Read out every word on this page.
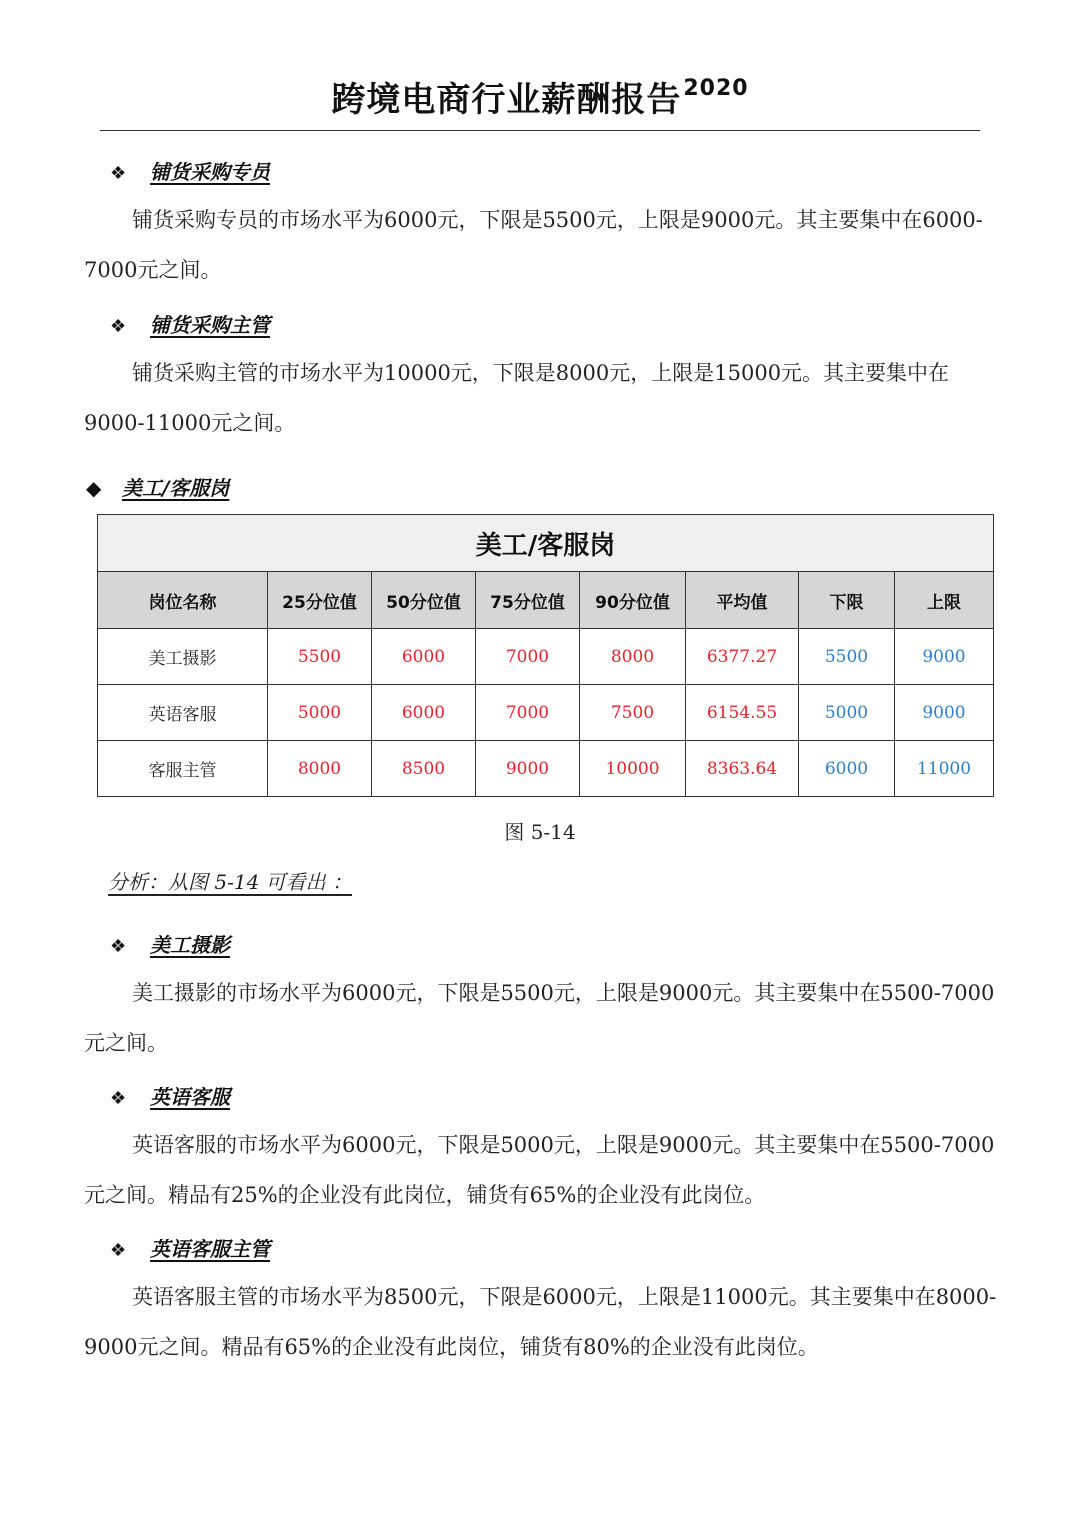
跨境电商行业薪酬报告$^{2020}$
❖ 铺货采购专员

铺货采购专员的市场水平为6000元，下限是5500元，上限是9000元。其主要集中在6000-7000元之间。

❖ 铺货采购主管

铺货采购主管的市场水平为10000元，下限是8000元，上限是15000元。其主要集中在9000-11000元之间。

◆ 美工/客服岗
美工/客服岗							
岗位名称	25分位值	50分位值	75分位值	90分位值	平均值	下限	上限
美工摄影	5500	6000	7000	8000	6377.27	5500	9000
英语客服	5000	6000	7000	7500	6154.55	5000	9000
客服主管	8000	8500	9000	10000	8363.64	6000	11000
图 5-14
分析：从图 5-14 可看出 ：
❖ 美工摄影

美工摄影的市场水平为6000元，下限是5500元，上限是9000元。其主要集中在5500-7000元之间。

❖ 英语客服

英语客服的市场水平为6000元，下限是5000元，上限是9000元。其主要集中在5500-7000元之间。精品有25%的企业没有此岗位，铺货有65%的企业没有此岗位。

❖ 英语客服主管

英语客服主管的市场水平为8500元，下限是6000元，上限是11000元。其主要集中在8000-9000元之间。精品有65%的企业没有此岗位，铺货有80%的企业没有此岗位。
